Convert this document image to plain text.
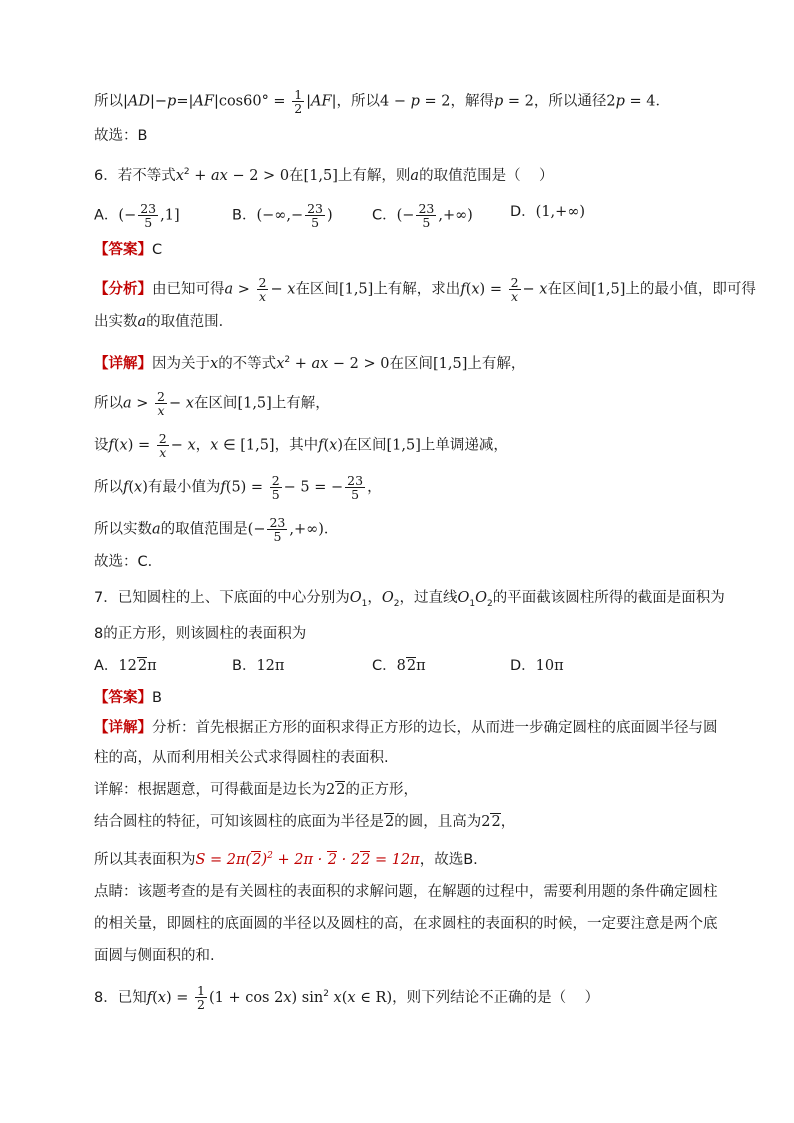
所以$|AD|-p=|AF|\cos 60^\circ = \frac{1}{2} |AF|$，所以4 − p = 2，解得p = 2，所以通径2p = 4．
故选：B
6．若不等式$x^2$ + ax − 2 > 0在[1,5]上有解，则a的取值范围是（    ）
A．(− $\frac{23}{5} ,1$]	B．(−∞,− $\frac{23}{5}$ )	C．(− $\frac{23}{5}$ ,+∞)	D．(1,+∞)
【答案】C
【分析】由已知可得$a > \frac{2}{x} - x$在区间[1,5]上有解，求出$f(x) = \frac{2}{x} - x$在区间[1,5]上的最小值，即可得
出实数a的取值范围．
【详解】因为关于x的不等式$x^2$ + ax − 2 > 0在区间[1,5]上有解，
所以$a > \frac{2}{x} - x$在区间[1,5]上有解，
设$f(x) = \frac{2}{x} - x$，x ∈ [1,5]，其中f(x)在区间[1,5]上单调递减，
所以f(x)有最小值为$f(5) = \frac{2}{5} - 5$ = − $\frac{23}{5}$ ，
所以实数a的取值范围是(− $\frac{23}{5}$ ,+∞)．
故选：C．
7．已知圆柱的上、下底面的中心分别为$O_1$，$O_2$，过直线$O_1O_2$的平面截该圆柱所得的截面是面积为
8的正方形，则该圆柱的表面积为
A．122π	B．12π	C．82π	D．10π
【答案】B
【详解】分析：首先根据正方形的面积求得正方形的边长，从而进一步确定圆柱的底面圆半径与圆
柱的高，从而利用相关公式求得圆柱的表面积.
详解：根据题意，可得截面是边长为22的正方形，
结合圆柱的特征，可知该圆柱的底面为半径是2的圆，且高为22，
所以其表面积为$S = 2\pi(2)^2 + 2\pi \cdot 2 \cdot 22 = 12\pi$，故选B.
点睛：该题考查的是有关圆柱的表面积的求解问题，在解题的过程中，需要利用题的条件确定圆柱
的相关量，即圆柱的底面圆的半径以及圆柱的高，在求圆柱的表面积的时候，一定要注意是两个底
面圆与侧面积的和.
8．已知$f(x) = \frac{1}{2} (1 + \cos 2x)$ $\sin^2 x(x$ ∈ R)，则下列结论不正确的是（    ）
